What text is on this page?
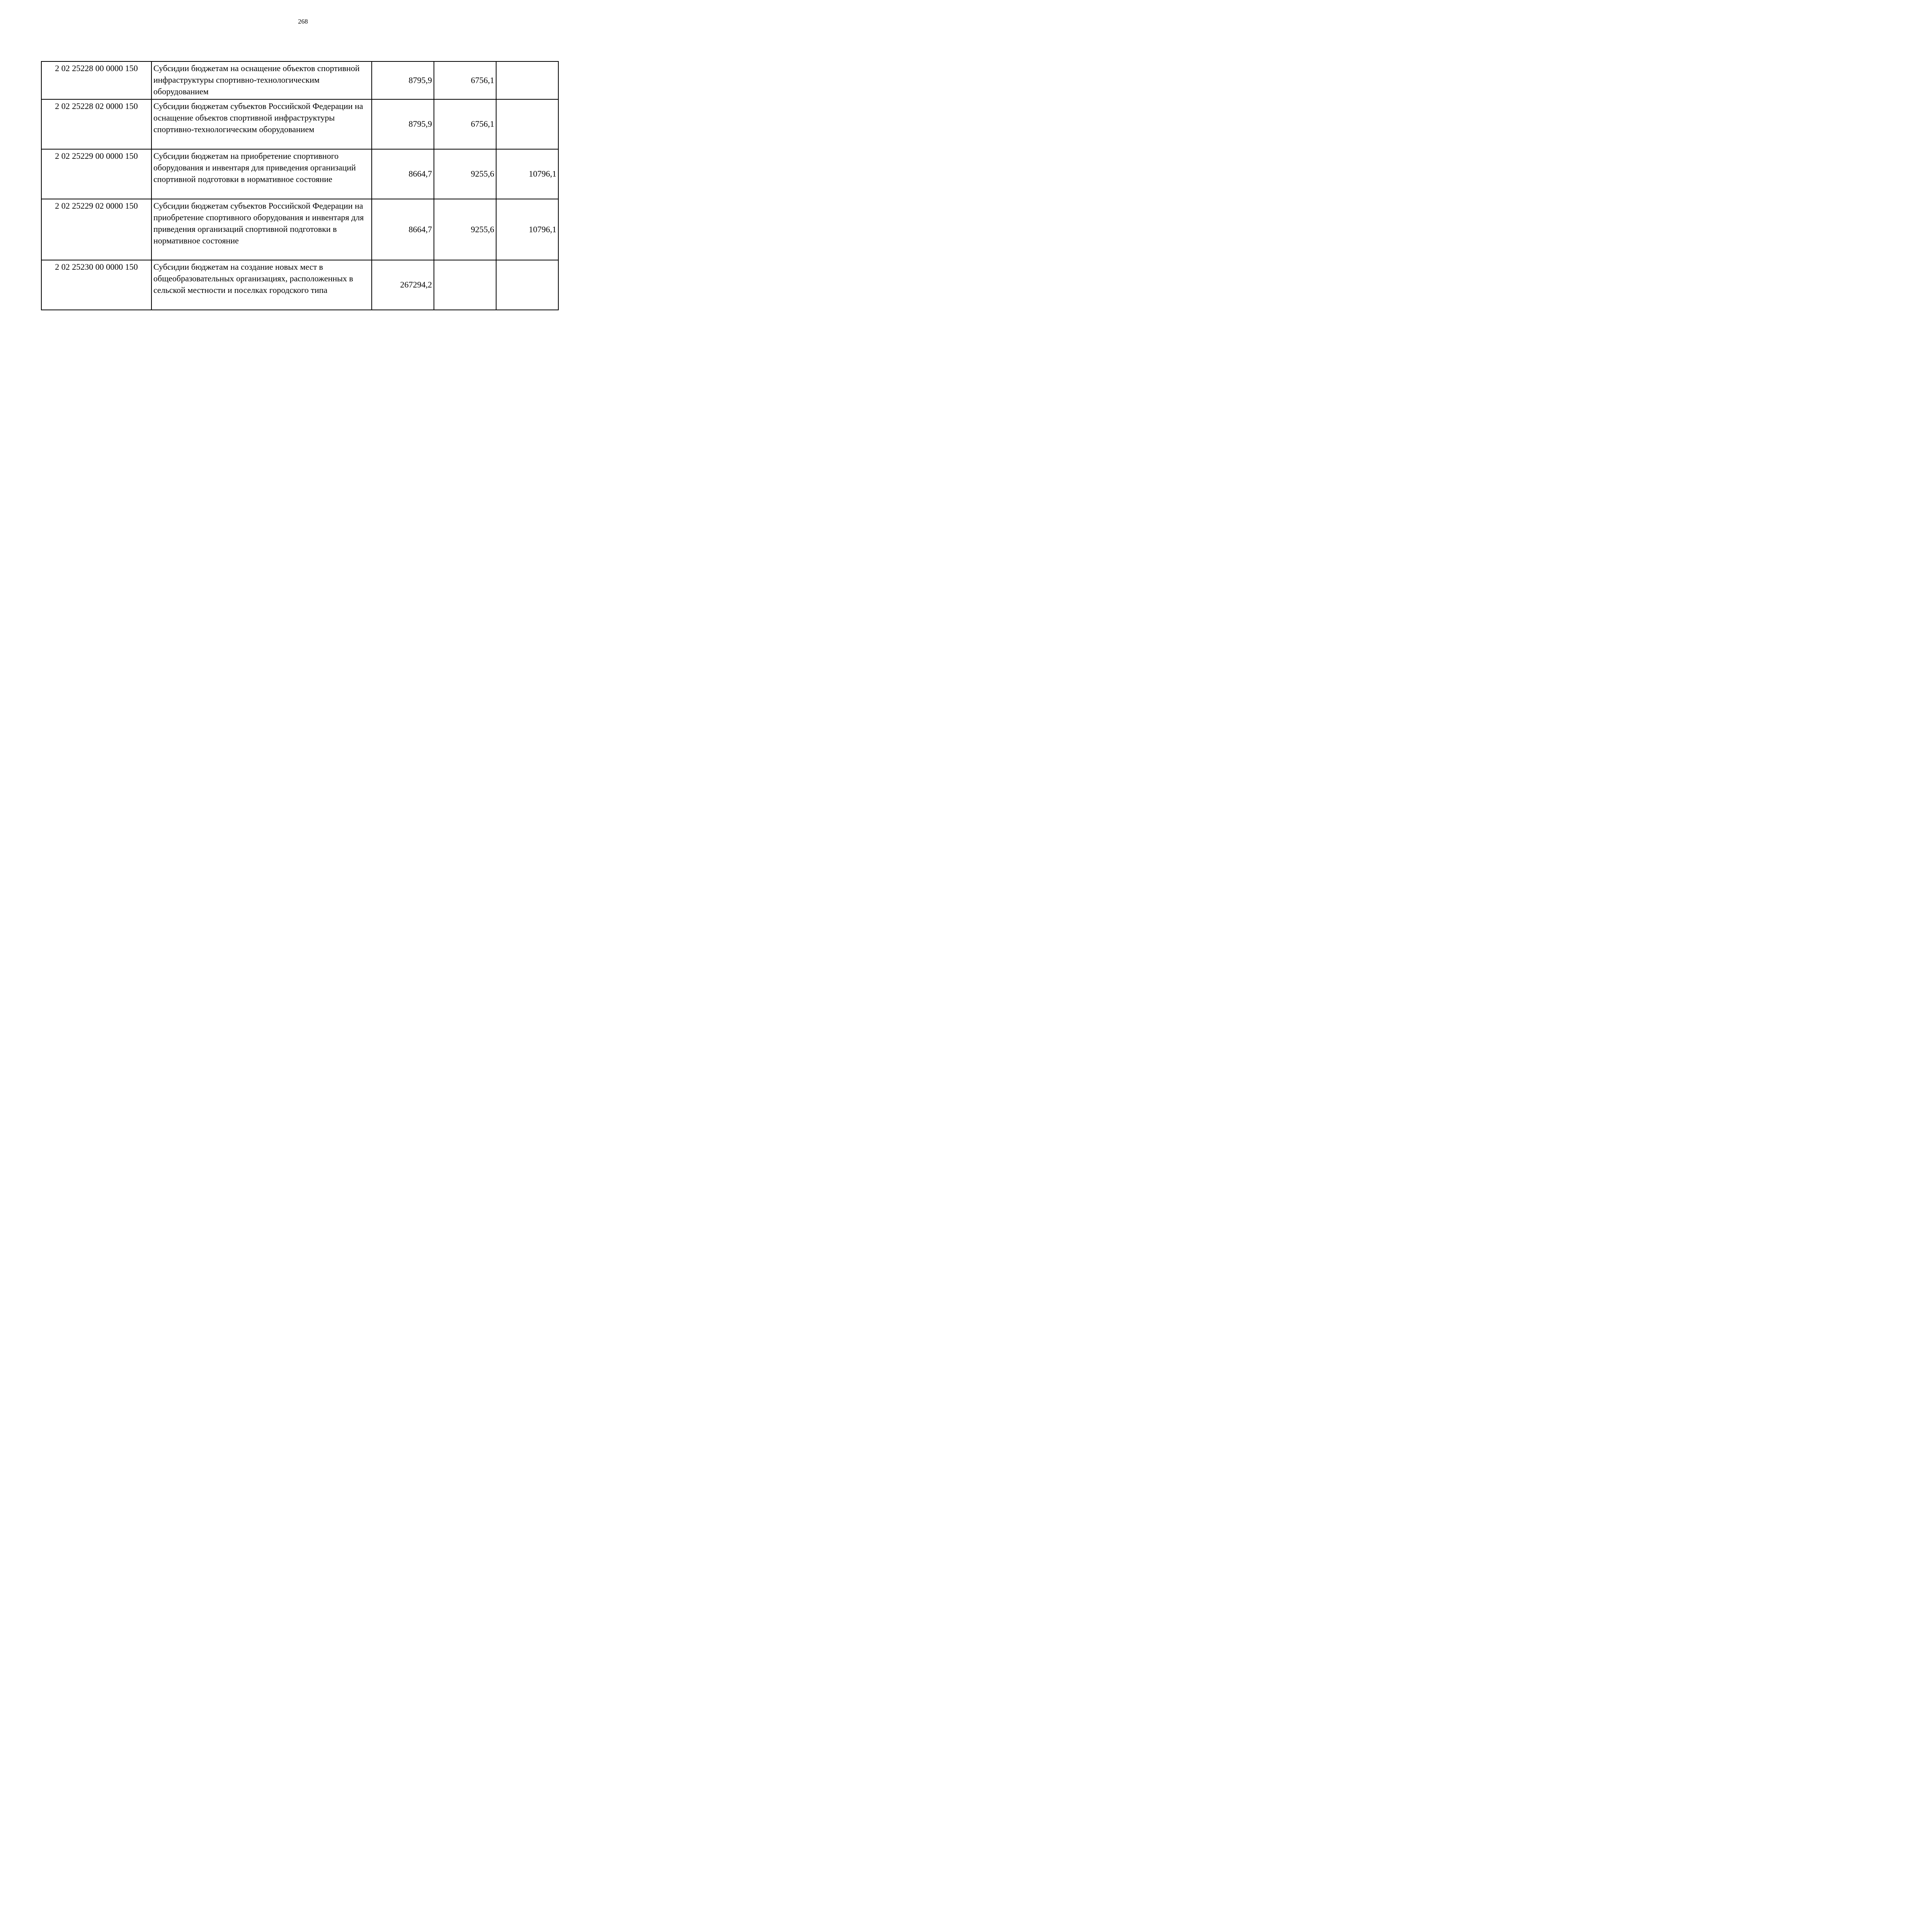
268
2 02 25228 00 0000 150	Субсидии бюджетам на оснащение объектов спортивной инфраструктуры спортивно-технологическим оборудованием	8795,9	6756,1	
2 02 25228 02 0000 150	Субсидии бюджетам субъектов Российской Федерации на оснащение объектов спортивной инфраструктуры спортивно-технологическим оборудованием	8795,9	6756,1	
2 02 25229 00 0000 150	Субсидии бюджетам на приобретение спортивного оборудования и инвентаря для приведения организаций спортивной подготовки в нормативное состояние	8664,7	9255,6	10796,1
2 02 25229 02 0000 150	Субсидии бюджетам субъектов Российской Федерации на приобретение спортивного оборудования и инвентаря для приведения организаций спортивной подготовки в нормативное состояние	8664,7	9255,6	10796,1
2 02 25230 00 0000 150	Субсидии бюджетам на создание новых мест в общеобразовательных организациях, расположенных в сельской местности и поселках городского типа	267294,2		
